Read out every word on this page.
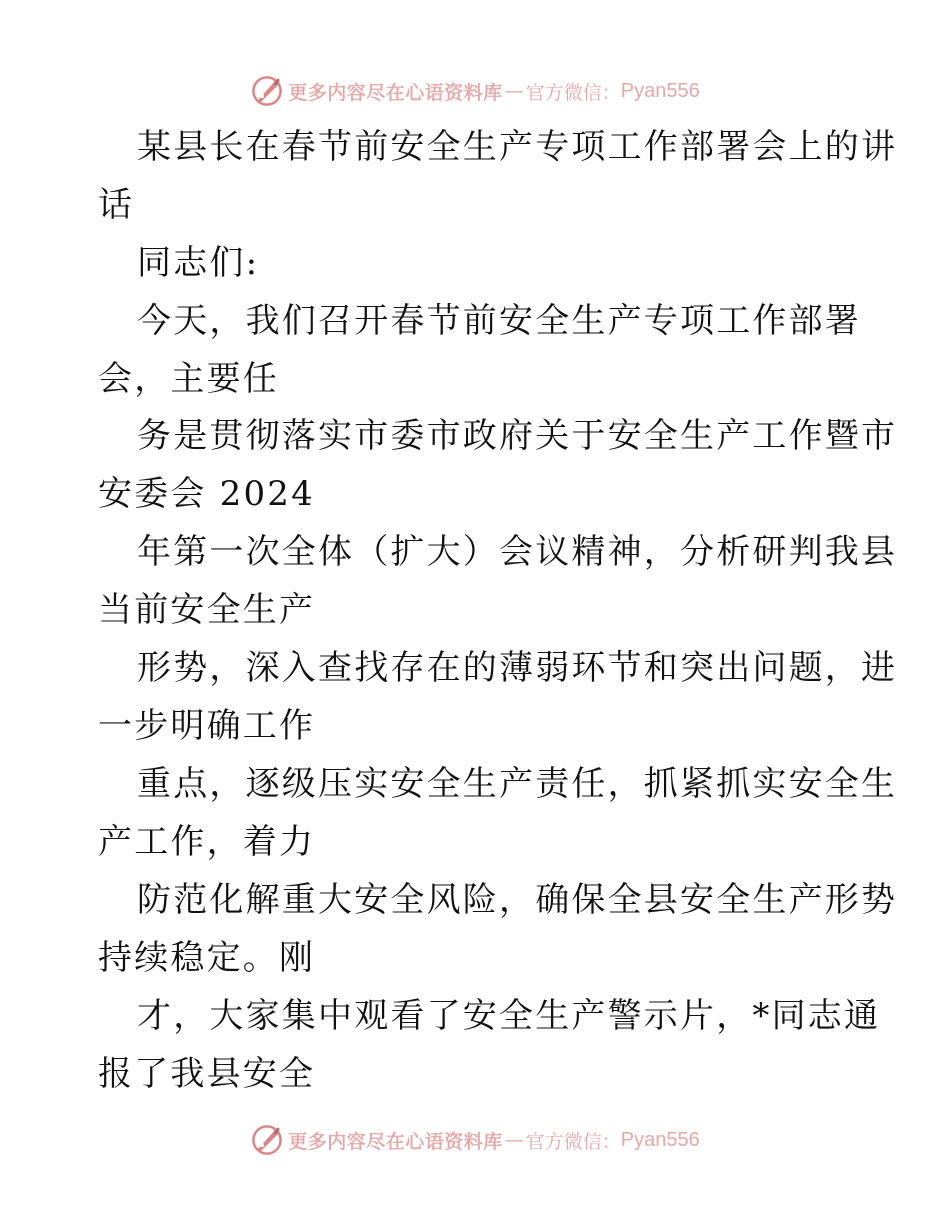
更多内容尽在心语资料库 — 官方微信： Pyan556
某县长在春节前安全生产专项工作部署会上的讲
话
同志们:
今天，我们召开春节前安全生产专项工作部署
会，主要任
务是贯彻落实市委市政府关于安全生产工作暨市
安委会 2024
年第一次全体（扩大）会议精神，分析研判我县
当前安全生产
形势，深入查找存在的薄弱环节和突出问题，进
一步明确工作
重点，逐级压实安全生产责任，抓紧抓实安全生
产工作，着力
防范化解重大安全风险，确保全县安全生产形势
持续稳定。刚
才，大家集中观看了安全生产警示片，*同志通
报了我县安全
更多内容尽在心语资料库 — 官方微信： Pyan556
